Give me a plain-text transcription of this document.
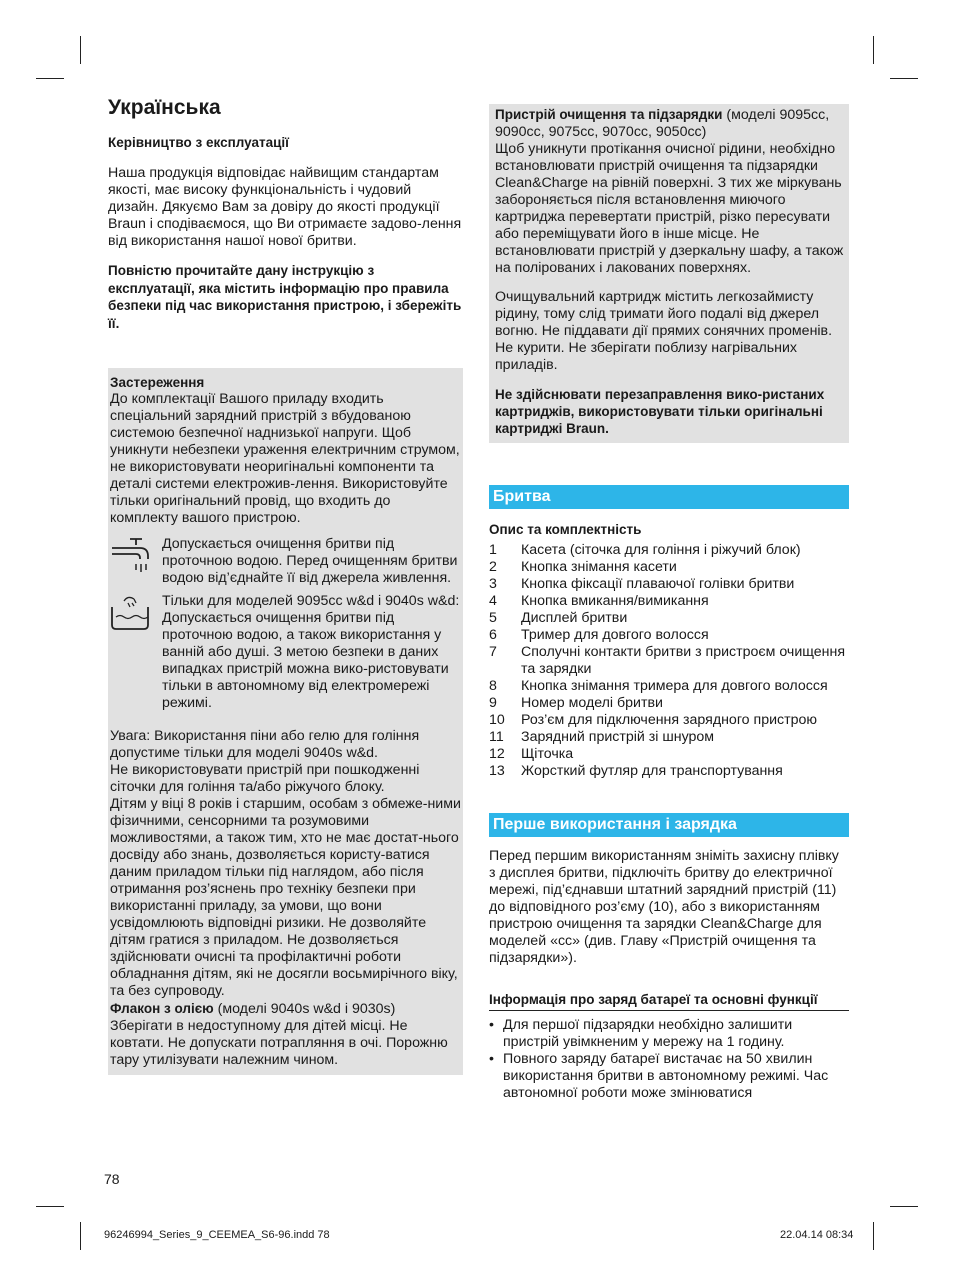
Українська

Керівництво з експлуатації

Наша продукція відповідає найвищим стандартам якості, має високу функціональність і чудовий дизайн. Дякуємо Вам за довіру до якості продукції Braun і сподіваємося, що Ви отримаєте задово-лення від використання нашої нової бритви.

Повністю прочитайте дану інструкцію з експлуатації, яка містить інформацію про правила безпеки під час використання пристрою, і збережіть її.

Застереження

До комплектації Вашого приладу входить спеціальний зарядний пристрій з вбудованою системою безпечної наднизької напруги. Щоб уникнути небезпеки ураження електричним струмом, не використовувати неоригінальні компоненти та деталі системи електрожив-лення. Використовуйте тільки оригінальний провід, що входить до комплекту вашого пристрою.

Допускається очищення бритви під проточною водою. Перед очищенням бритви водою від’єднайте її від джерела живлення.

Тільки для моделей 9095cc w&d і 9040s w&d:

Допускається очищення бритви під проточною водою, а також використання у ванній або душі. З метою безпеки в даних випадках пристрій можна вико-ристовувати тільки в автономному від електромережі режимі.

Увага: Використання піни або гелю для гоління допустиме тільки для моделі 9040s w&d.

Не використовувати пристрій при пошкодженні сіточки для гоління та/або ріжучого блоку.

Дітям у віці 8 років і старшим, особам з обмеже-ними фізичними, сенсорними та розумовими можливостями, а також тим, хто не має достат-нього досвіду або знань, дозволяється користу-ватися даним приладом тільки під наглядом, або після отримання роз’яснень про техніку безпеки при використанні приладу, за умови, що вони усвідомлюють відповідні ризики. Не дозволяйте дітям гратися з приладом. Не дозволяється здійснювати очисні та профілактичні роботи обладнання дітям, які не досягли восьмирічного віку, та без супроводу.

Флакон з олією (моделі 9040s w&d і 9030s)

Зберігати в недоступному для дітей місці. Не ковтати. Не допускати потрапляння в очі. Порожню тару утилізувати належним чином.

Пристрій очищення та підзарядки (моделі 9095cc, 9090cc, 9075cc, 9070cc, 9050cc)

Щоб уникнути протікання очисної рідини, необхідно встановлювати пристрій очищення та підзарядки Clean&Charge на рівній поверхні. З тих же міркувань забороняється після встановлення миючого картриджа перевертати пристрій, різко пересувати або переміщувати його в інше місце. Не встановлювати пристрій у дзеркальну шафу, а також на полірованих і лакованих поверхнях.

Очищувальний картридж містить легкозаймисту рідину, тому слід тримати його подалі від джерел вогню. Не піддавати дії прямих сонячних променів. Не курити. Не зберігати поблизу нагрівальних приладів.

Не здійснювати перезаправлення вико-ристаних картриджів, використовувати тільки оригінальні картриджі Braun.

Бритва

Опис та комплектність

1	Касета (сіточка для гоління і ріжучий блок)
2	Кнопка знімання касети
3	Кнопка фіксації плаваючої голівки бритви
4	Кнопка вмикання/вимикання
5	Дисплей бритви
6	Тример для довгого волосся
7	Сполучні контакти бритви з пристроєм очищення та зарядки
8	Кнопка знімання тримера для довгого волосся
9	Номер моделі бритви
10	Роз’єм для підключення зарядного пристрою
11	Зарядний пристрій зі шнуром
12	Щіточка
13	Жорсткий футляр для транспортування
Перше використання і зарядка

Перед першим використанням зніміть захисну плівку з дисплея бритви, підключіть бритву до електричної мережі, під’єднавши штатний зарядний пристрій (11) до відповідного роз’єму (10), або з використанням пристрою очищення та зарядки Clean&Charge для моделей «cc» (див. Главу «Пристрій очищення та підзарядки»).

Інформація про заряд батареї та основні функції

• Для першої підзарядки необхідно залишити пристрій увімкненим у мережу на 1 годину.
• Повного заряду батареї вистачає на 50 хвилин використання бритви в автономному режимі. Час автономної роботи може змінюватися
78
96246994_Series_9_CEEMEA_S6-96.indd 78	22.04.14 08:34
